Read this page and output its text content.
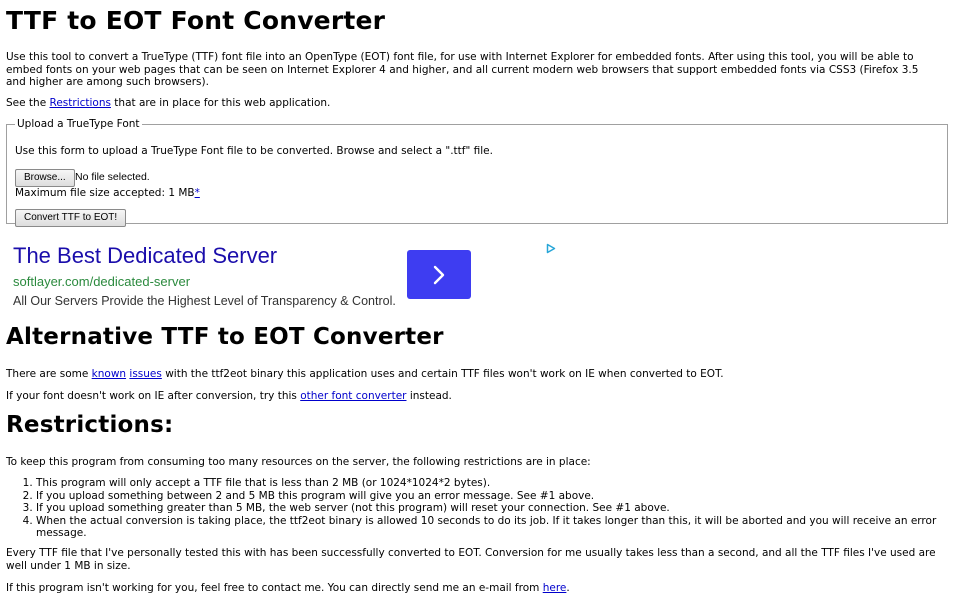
TTF to EOT Font Converter
Use this tool to convert a TrueType (TTF) font file into an OpenType (EOT) font file, for use with Internet Explorer for embedded fonts. After using this tool, you will be able to embed fonts on your web pages that can be seen on Internet Explorer 4 and higher, and all current modern web browsers that support embedded fonts via CSS3 (Firefox 3.5 and higher are among such browsers).
See the Restrictions that are in place for this web application.
Upload a TrueType Font
Use this form to upload a TrueType Font file to be converted. Browse and select a ".ttf" file.
Browse... No file selected.
Maximum file size accepted: 1 MB*
Convert TTF to EOT!
The Best Dedicated Server
softlayer.com/dedicated-server
All Our Servers Provide the Highest Level of Transparency & Control.
Alternative TTF to EOT Converter
There are some known issues with the ttf2eot binary this application uses and certain TTF files won't work on IE when converted to EOT.
If your font doesn't work on IE after conversion, try this other font converter instead.
Restrictions:
To keep this program from consuming too many resources on the server, the following restrictions are in place:
1. This program will only accept a TTF file that is less than 2 MB (or 1024*1024*2 bytes).
2. If you upload something between 2 and 5 MB this program will give you an error message. See #1 above.
3. If you upload something greater than 5 MB, the web server (not this program) will reset your connection. See #1 above.
4. When the actual conversion is taking place, the ttf2eot binary is allowed 10 seconds to do its job. If it takes longer than this, it will be aborted and you will receive an error message.
Every TTF file that I've personally tested this with has been successfully converted to EOT. Conversion for me usually takes less than a second, and all the TTF files I've used are well under 1 MB in size.
If this program isn't working for you, feel free to contact me. You can directly send me an e-mail from here.
